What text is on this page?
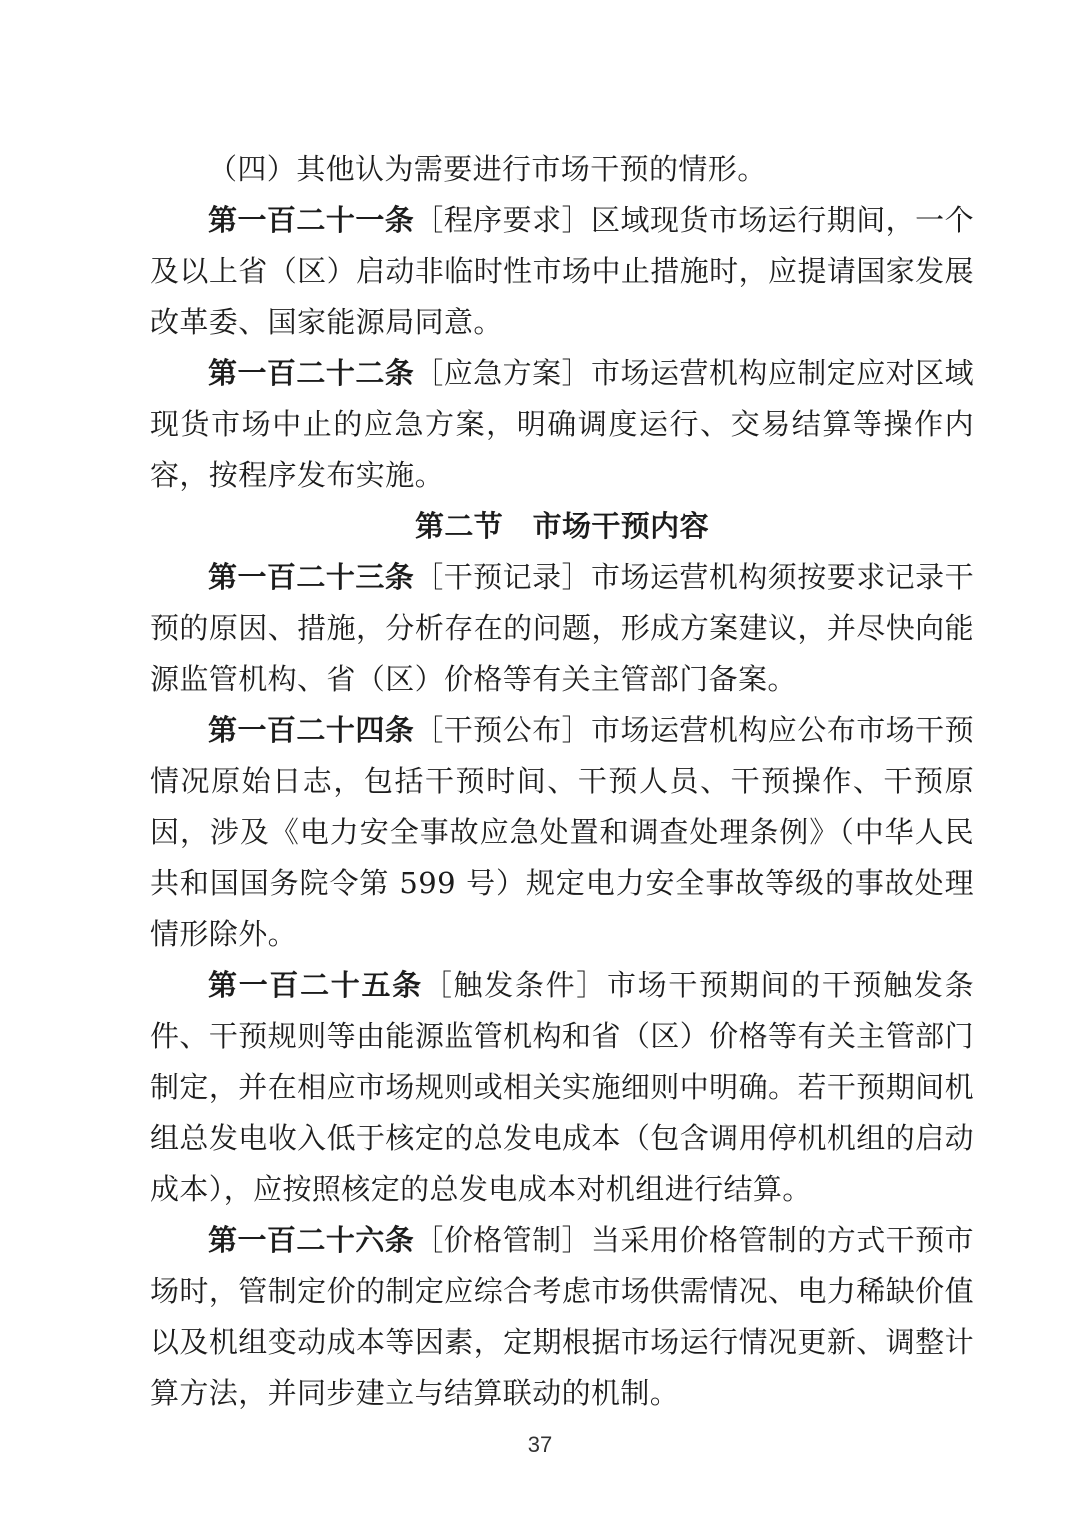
（四）其他认为需要进行市场干预的情形。

第一百二十一条［程序要求］区域现货市场运行期间，一个及以上省（区）启动非临时性市场中止措施时，应提请国家发展改革委、国家能源局同意。

第一百二十二条［应急方案］市场运营机构应制定应对区域现货市场中止的应急方案，明确调度运行、交易结算等操作内容，按程序发布实施。

第二节　市场干预内容

第一百二十三条［干预记录］市场运营机构须按要求记录干预的原因、措施，分析存在的问题，形成方案建议，并尽快向能源监管机构、省（区）价格等有关主管部门备案。

第一百二十四条［干预公布］市场运营机构应公布市场干预情况原始日志，包括干预时间、干预人员、干预操作、干预原因，涉及《电力安全事故应急处置和调查处理条例》（中华人民共和国国务院令第 599 号）规定电力安全事故等级的事故处理情形除外。

第一百二十五条［触发条件］市场干预期间的干预触发条件、干预规则等由能源监管机构和省（区）价格等有关主管部门制定，并在相应市场规则或相关实施细则中明确。若干预期间机组总发电收入低于核定的总发电成本（包含调用停机机组的启动成本），应按照核定的总发电成本对机组进行结算。

第一百二十六条［价格管制］当采用价格管制的方式干预市场时，管制定价的制定应综合考虑市场供需情况、电力稀缺价值以及机组变动成本等因素，定期根据市场运行情况更新、调整计算方法，并同步建立与结算联动的机制。

37
